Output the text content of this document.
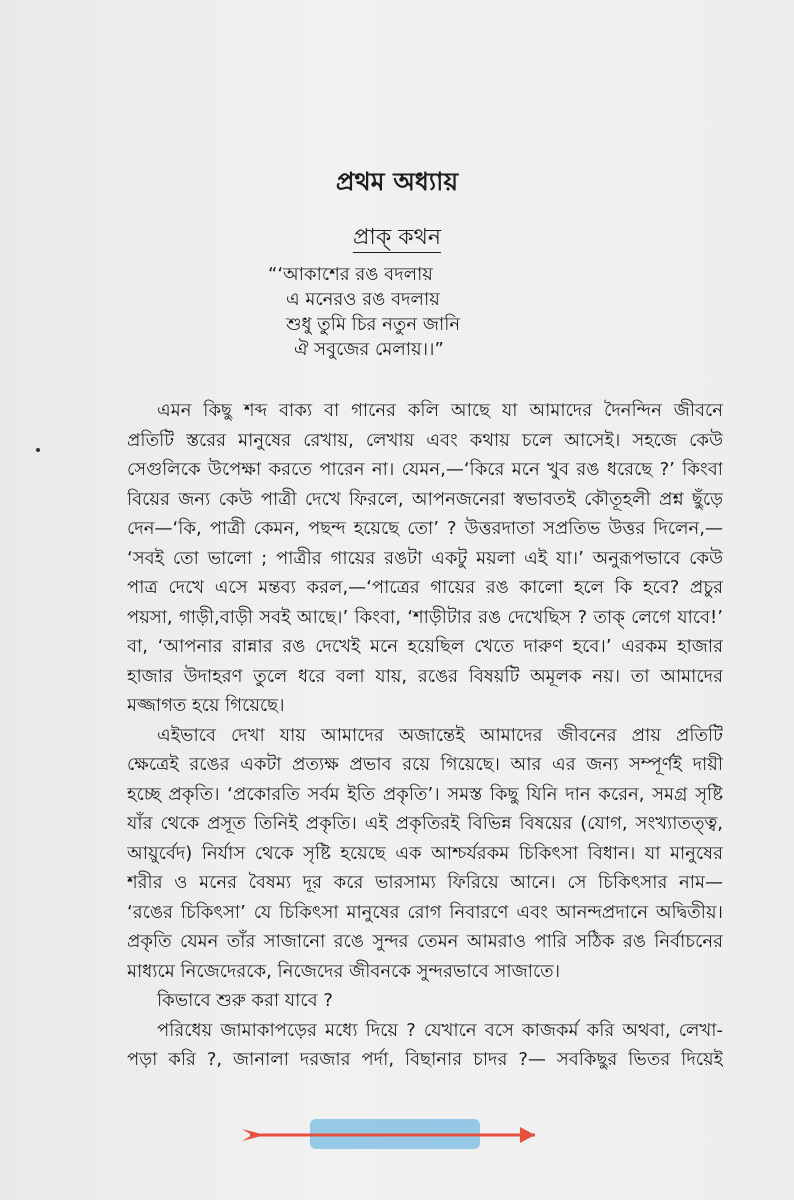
প্রথম অধ্যায়
প্রাক্ কথন
“‘আকাশের রঙ বদলায়
এ মনেরও রঙ বদলায়
শুধু তুমি চির নতুন জানি
ঐ সবুজের মেলায়।।”
এমন কিছু শব্দ বাক্য বা গানের কলি আছে যা আমাদের দৈনন্দিন জীবনে
প্রতিটি স্তরের মানুষের রেখায়, লেখায় এবং কথায় চলে আসেই। সহজে কেউ
সেগুলিকে উপেক্ষা করতে পারেন না। যেমন,—‘কিরে মনে খুব রঙ ধরেছে ?’ কিংবা
বিয়ের জন্য কেউ পাত্রী দেখে ফিরলে, আপনজনেরা স্বভাবতই কৌতূহলী প্রশ্ন ছুঁড়ে
দেন—‘কি, পাত্রী কেমন, পছন্দ হয়েছে তো’ ? উত্তরদাতা সপ্রতিভ উত্তর দিলেন,—
‘সবই তো ভালো ; পাত্রীর গায়ের রঙটা একটু ময়লা এই যা।’ অনুরূপভাবে কেউ
পাত্র দেখে এসে মন্তব্য করল,—‘পাত্রের গায়ের রঙ কালো হলে কি হবে? প্রচুর
পয়সা, গাড়ী,বাড়ী সবই আছে।’ কিংবা, ‘শাড়ীটার রঙ দেখেছিস ? তাক্ লেগে যাবে!’
বা, ‘আপনার রান্নার রঙ দেখেই মনে হয়েছিল খেতে দারুণ হবে।’ এরকম হাজার
হাজার উদাহরণ তুলে ধরে বলা যায়, রঙের বিষয়টি অমূলক নয়। তা আমাদের
মজ্জাগত হয়ে গিয়েছে।
এইভাবে দেখা যায় আমাদের অজান্তেই আমাদের জীবনের প্রায় প্রতিটি
ক্ষেত্রেই রঙের একটা প্রত্যক্ষ প্রভাব রয়ে গিয়েছে। আর এর জন্য সম্পূর্ণই দায়ী
হচ্ছে প্রকৃতি। ‘প্রকোরতি সর্বম ইতি প্রকৃতি’। সমস্ত কিছু যিনি দান করেন, সমগ্র সৃষ্টি
যাঁর থেকে প্রসূত তিনিই প্রকৃতি। এই প্রকৃতিরই বিভিন্ন বিষয়ের (যোগ, সংখ্যাতত্ত্ব,
আয়ুর্বেদ) নির্যাস থেকে সৃষ্টি হয়েছে এক আশ্চর্যরকম চিকিৎসা বিধান। যা মানুষের
শরীর ও মনের বৈষম্য দূর করে ভারসাম্য ফিরিয়ে আনে। সে চিকিৎসার নাম—
‘রঙের চিকিৎসা’ যে চিকিৎসা মানুষের রোগ নিবারণে এবং আনন্দপ্রদানে অদ্বিতীয়।
প্রকৃতি যেমন তাঁর সাজানো রঙে সুন্দর তেমন আমরাও পারি সঠিক রঙ নির্বাচনের
মাধ্যমে নিজেদেরকে, নিজেদের জীবনকে সুন্দরভাবে সাজাতে।
কিভাবে শুরু করা যাবে ?
পরিধেয় জামাকাপড়ের মধ্যে দিয়ে ? যেখানে বসে কাজকর্ম করি অথবা, লেখা-
পড়া করি ?, জানালা দরজার পর্দা, বিছানার চাদর ?— সবকিছুর ভিতর দিয়েই
